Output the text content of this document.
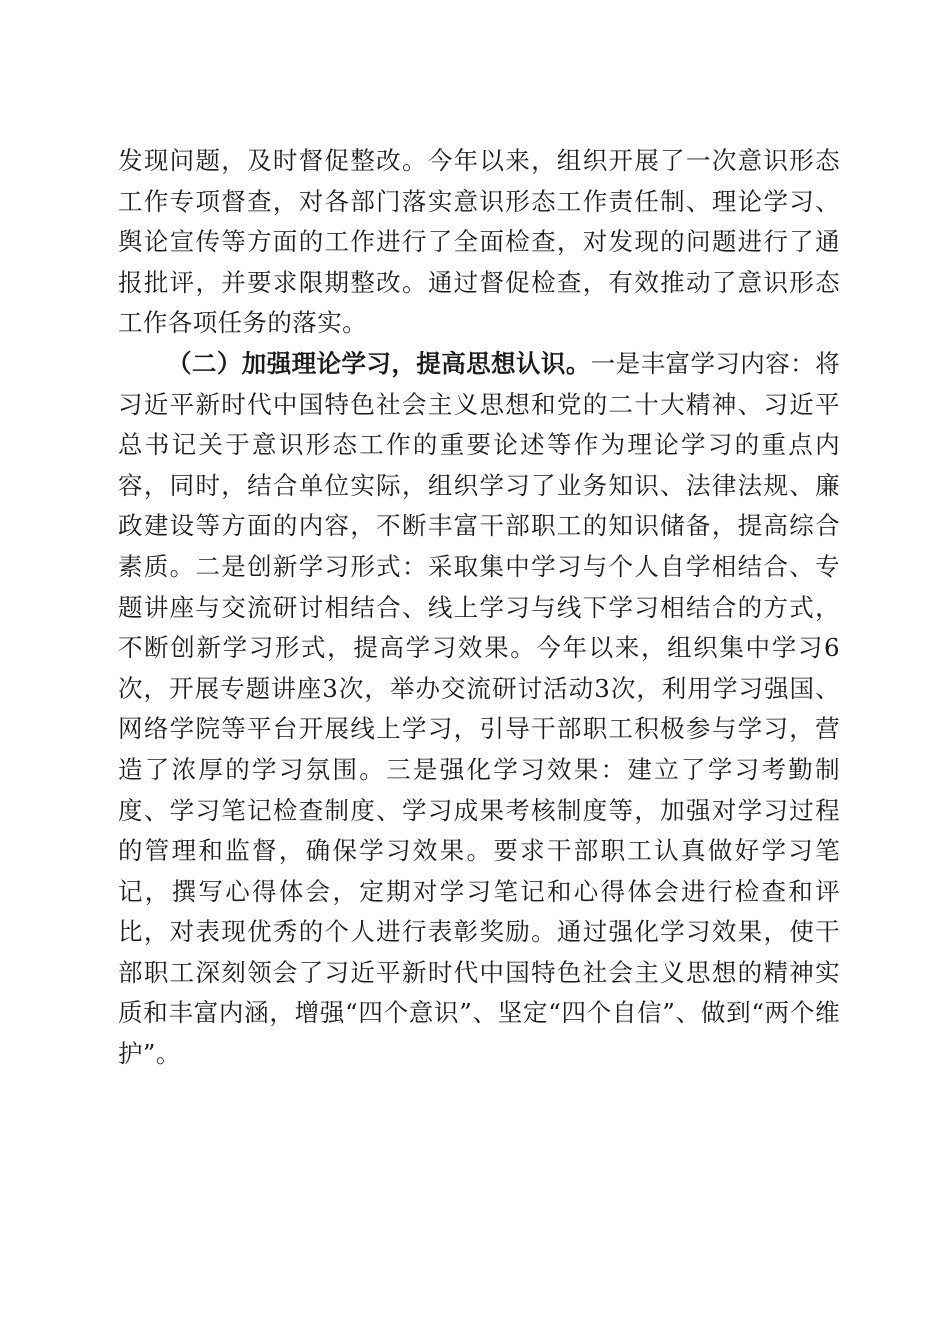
发现问题，及时督促整改。今年以来，组织开展了一次意识形态工作专项督查，对各部门落实意识形态工作责任制、理论学习、舆论宣传等方面的工作进行了全面检查，对发现的问题进行了通报批评，并要求限期整改。通过督促检查，有效推动了意识形态工作各项任务的落实。

（二）加强理论学习，提高思想认识。一是丰富学习内容：将习近平新时代中国特色社会主义思想和党的二十大精神、习近平总书记关于意识形态工作的重要论述等作为理论学习的重点内容，同时，结合单位实际，组织学习了业务知识、法律法规、廉政建设等方面的内容，不断丰富干部职工的知识储备，提高综合素质。二是创新学习形式：采取集中学习与个人自学相结合、专题讲座与交流研讨相结合、线上学习与线下学习相结合的方式，不断创新学习形式，提高学习效果。今年以来，组织集中学习6次，开展专题讲座3次，举办交流研讨活动3次，利用学习强国、网络学院等平台开展线上学习，引导干部职工积极参与学习，营造了浓厚的学习氛围。三是强化学习效果：建立了学习考勤制度、学习笔记检查制度、学习成果考核制度等，加强对学习过程的管理和监督，确保学习效果。要求干部职工认真做好学习笔记，撰写心得体会，定期对学习笔记和心得体会进行检查和评比，对表现优秀的个人进行表彰奖励。通过强化学习效果，使干部职工深刻领会了习近平新时代中国特色社会主义思想的精神实质和丰富内涵，增强“四个意识”、坚定“四个自信”、做到“两个维护”。
